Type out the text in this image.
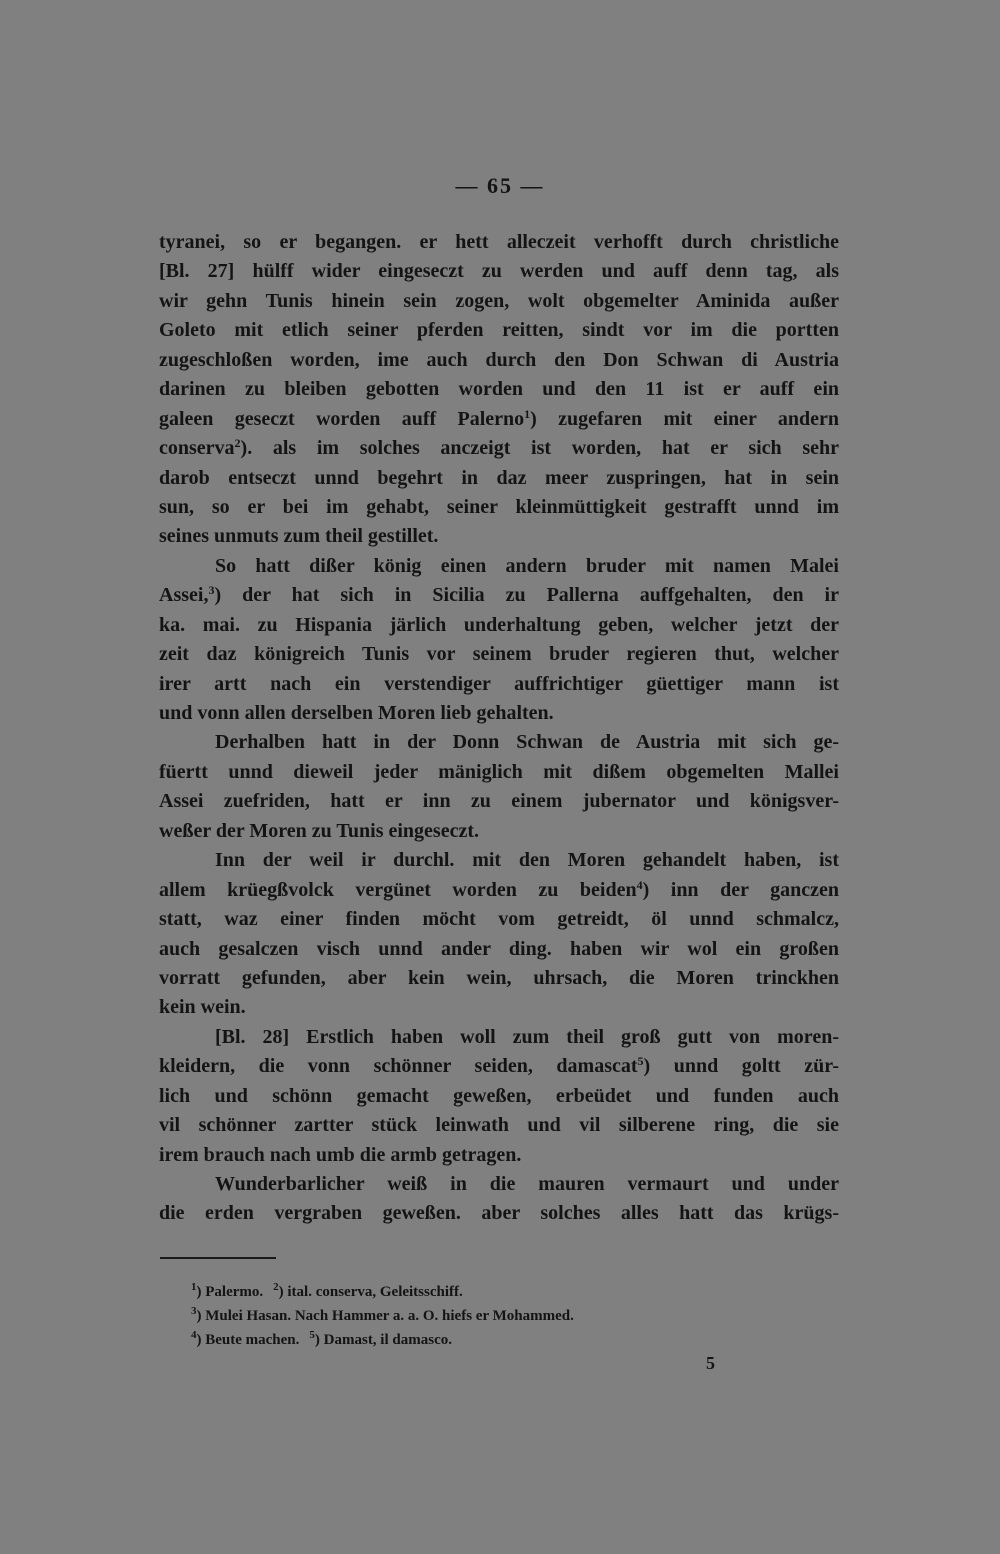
— 65 —
tyranei, so er begangen. er hett alleczeit verhofft durch christliche
[Bl. 27] hülff wider eingeseczt zu werden und auff denn tag, als
wir gehn Tunis hinein sein zogen, wolt obgemelter Aminida außer
Goleto mit etlich seiner pferden reitten, sindt vor im die portten
zugeschloßen worden, ime auch durch den Don Schwan di Austria
darinen zu bleiben gebotten worden und den 11 ist er auff ein
galeen geseczt worden auff Palerno$^1$) zugefaren mit einer andern
conserva$^2$). als im solches anczeigt ist worden, hat er sich sehr
darob entseczt unnd begehrt in daz meer zuspringen, hat in sein
sun, so er bei im gehabt, seiner kleinmüttigkeit gestrafft unnd im
seines unmuts zum theil gestillet.
So hatt dißer könig einen andern bruder mit namen Malei
Assei,$^3$) der hat sich in Sicilia zu Pallerna auffgehalten, den ir
ka. mai. zu Hispania järlich underhaltung geben, welcher jetzt der
zeit daz königreich Tunis vor seinem bruder regieren thut, welcher
irer artt nach ein verstendiger auffrichtiger güettiger mann ist
und vonn allen derselben Moren lieb gehalten.
Derhalben hatt in der Donn Schwan de Austria mit sich ge-
füertt unnd dieweil jeder mäniglich mit dißem obgemelten Mallei
Assei zuefriden, hatt er inn zu einem jubernator und königsver-
weßer der Moren zu Tunis eingeseczt.
Inn der weil ir durchl. mit den Moren gehandelt haben, ist
allem krüegßvolck vergünet worden zu beiden$^4$) inn der ganczen
statt, waz einer finden möcht vom getreidt, öl unnd schmalcz,
auch gesalczen visch unnd ander ding. haben wir wol ein großen
vorratt gefunden, aber kein wein, uhrsach, die Moren trinckhen
kein wein.
[Bl. 28] Erstlich haben woll zum theil groß gutt von moren-
kleidern, die vonn schönner seiden, damascat$^5$) unnd goltt zür-
lich und schönn gemacht geweßen, erbeüdet und funden auch
vil schönner zartter stück leinwath und vil silberene ring, die sie
irem brauch nach umb die armb getragen.
Wunderbarlicher weiß in die mauren vermaurt und under
die erden vergraben geweßen. aber solches alles hatt das krügs-
$^1$) Palermo. $^2$) ital. conserva, Geleitsschiff.
$^3$) Mulei Hasan. Nach Hammer a. a. O. hiefs er Mohammed.
$^4$) Beute machen. $^5$) Damast, il damasco.
5
